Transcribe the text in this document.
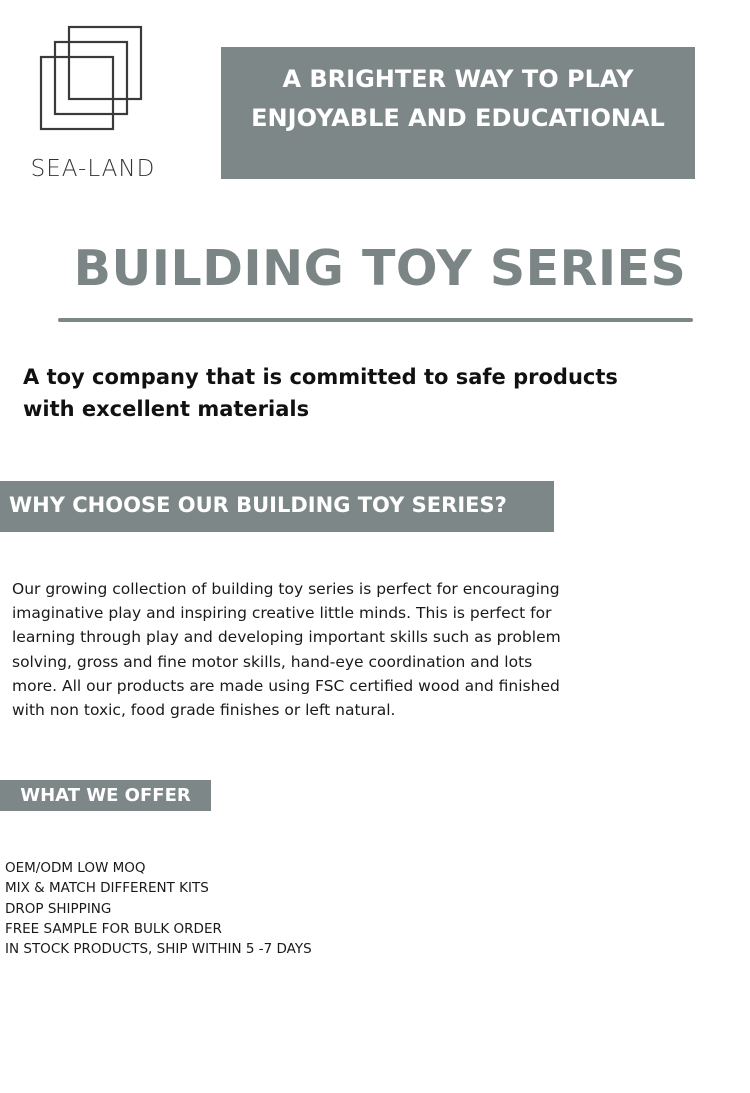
SEA-LAND
A BRIGHTER WAY TO PLAY
ENJOYABLE AND EDUCATIONAL
BUILDING TOY SERIES
A toy company that is committed to safe products
with excellent materials
WHY CHOOSE OUR BUILDING TOY SERIES?
Our growing collection of building toy series is perfect for encouraging
imaginative play and inspiring creative little minds. This is perfect for
learning through play and developing important skills such as problem
solving, gross and fine motor skills, hand-eye coordination and lots
more. All our products are made using FSC certified wood and finished
with non toxic, food grade finishes or left natural.
WHAT WE OFFER
OEM/ODM LOW MOQ
MIX & MATCH DIFFERENT KITS
DROP SHIPPING
FREE SAMPLE FOR BULK ORDER
IN STOCK PRODUCTS, SHIP WITHIN 5 -7 DAYS
